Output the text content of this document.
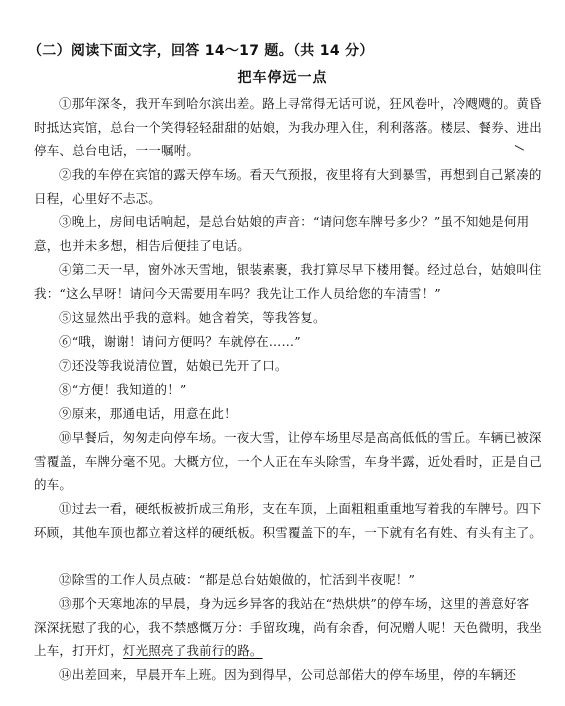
（二）阅读下面文字，回答 14～17 题。（共 14 分）
把车停远一点

①那年深冬，我开车到哈尔滨出差。路上寻常得无话可说，狂风卷叶，冷飕飕的。黄昏时抵达宾馆，总台一个笑得轻轻甜甜的姑娘，为我办理入住，利利落落。楼层、餐券、进出停车、总台电话，一一嘱咐。

②我的车停在宾馆的露天停车场。看天气预报，夜里将有大到暴雪，再想到自己紧凑的日程，心里好不忐忑。

③晚上，房间电话响起，是总台姑娘的声音：“请问您车牌号多少？”虽不知她是何用意，也并未多想，相告后便挂了电话。

④第二天一早，窗外冰天雪地，银装素裹，我打算尽早下楼用餐。经过总台，姑娘叫住我：“这么早呀！请问今天需要用车吗？我先让工作人员给您的车清雪！”

⑤这显然出乎我的意料。她含着笑，等我答复。

⑥“哦，谢谢！请问方便吗？车就停在……”

⑦还没等我说清位置，姑娘已先开了口。

⑧“方便！我知道的！”

⑨原来，那通电话，用意在此！

⑩早餐后，匆匆走向停车场。一夜大雪，让停车场里尽是高高低低的雪丘。车辆已被深雪覆盖，车牌分毫不见。大概方位，一个人正在车头除雪，车身半露，近处看时，正是自己的车。

⑪过去一看，硬纸板被折成三角形，支在车顶，上面粗粗重重地写着我的车牌号。四下环顾，其他车顶也都立着这样的硬纸板。积雪覆盖下的车，一下就有名有姓、有头有主了。

⑫除雪的工作人员点破：“都是总台姑娘做的，忙活到半夜呢！”

⑬那个天寒地冻的早晨，身为远乡异客的我站在“热烘烘”的停车场，这里的善意好客深深抚慰了我的心，我不禁感慨万分：手留玫瑰，尚有余香，何况赠人呢！天色微明，我坐上车，打开灯，灯光照亮了我前行的路。

⑭出差回来，早晨开车上班。因为到得早，公司总部偌大的停车场里，停的车辆还
